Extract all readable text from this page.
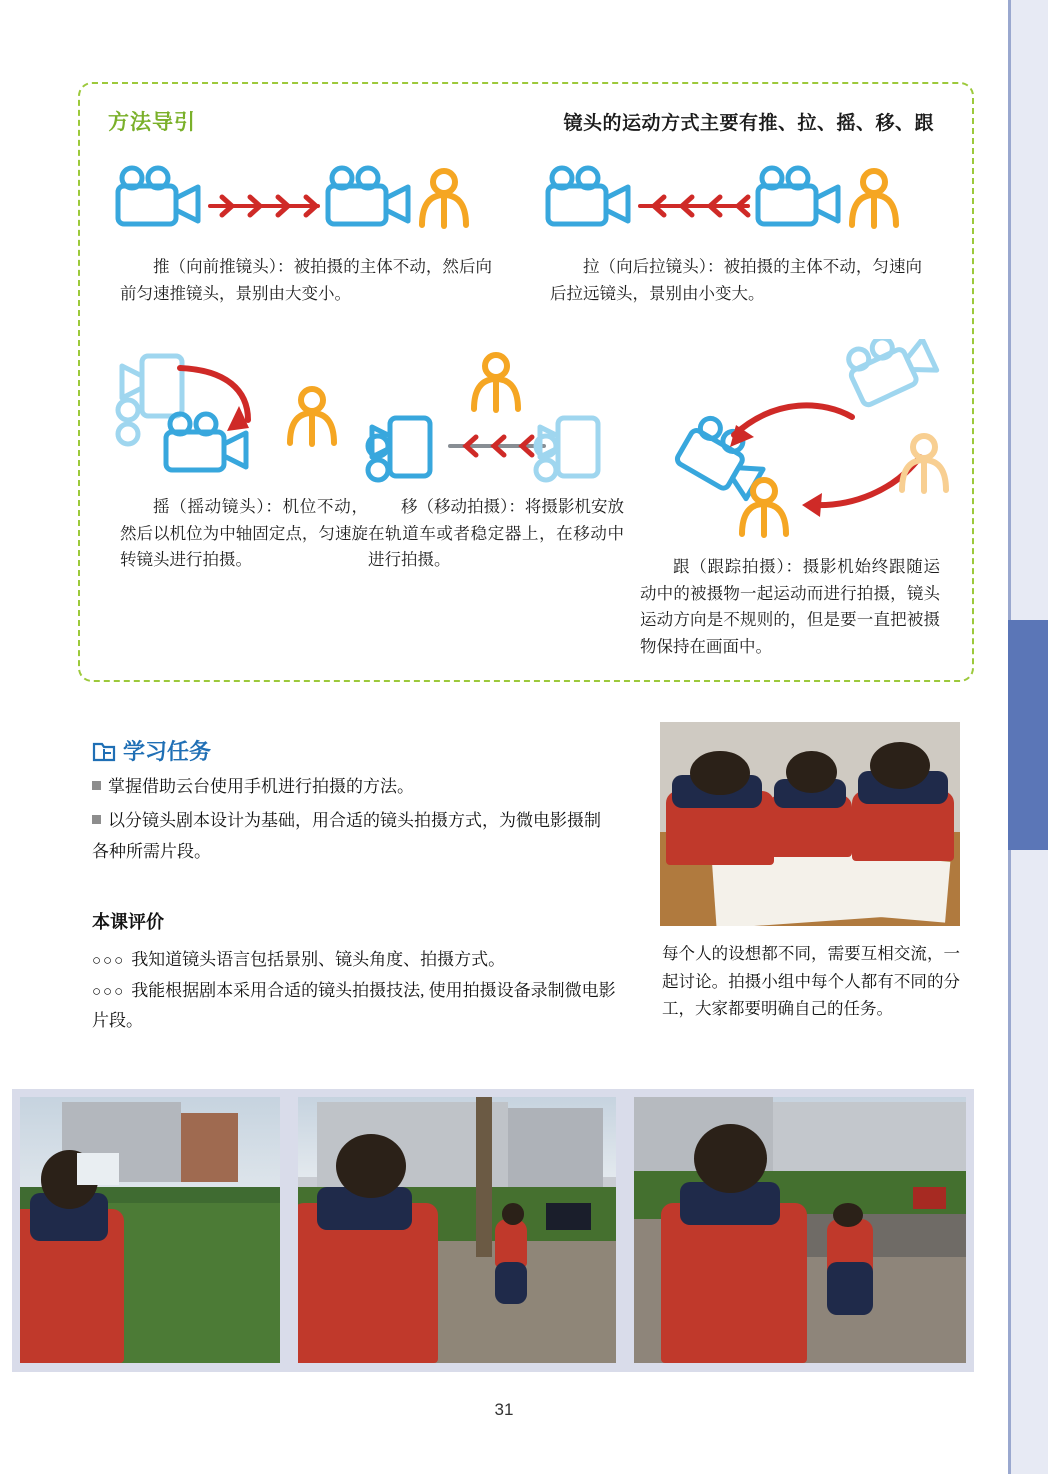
方法导引	镜头的运动方式主要有推、拉、摇、移、跟
推（向前推镜头）：被拍摄的主体不动，然后向前匀速推镜头，景别由大变小。
拉（向后拉镜头）：被拍摄的主体不动，匀速向后拉远镜头，景别由小变大。
摇（摇动镜头）：机位不动，然后以机位为中轴固定点，匀速旋转镜头进行拍摄。
移（移动拍摄）：将摄影机安放在轨道车或者稳定器上，在移动中进行拍摄。	跟（跟踪拍摄）：摄影机始终跟随运动中的被摄物一起运动而进行拍摄，镜头运动方向是不规则的，但是要一直把被摄物保持在画面中。
学习任务
掌握借助云台使用手机进行拍摄的方法。
以分镜头剧本设计为基础，用合适的镜头拍摄方式，为微电影摄制各种所需片段。
本课评价
○○○ 我知道镜头语言包括景别、镜头角度、拍摄方式。
○○○ 我能根据剧本采用合适的镜头拍摄技法, 使用拍摄设备录制微电影片段。
每个人的设想都不同，需要互相交流，一起讨论。拍摄小组中每个人都有不同的分工，大家都要明确自己的任务。
31
